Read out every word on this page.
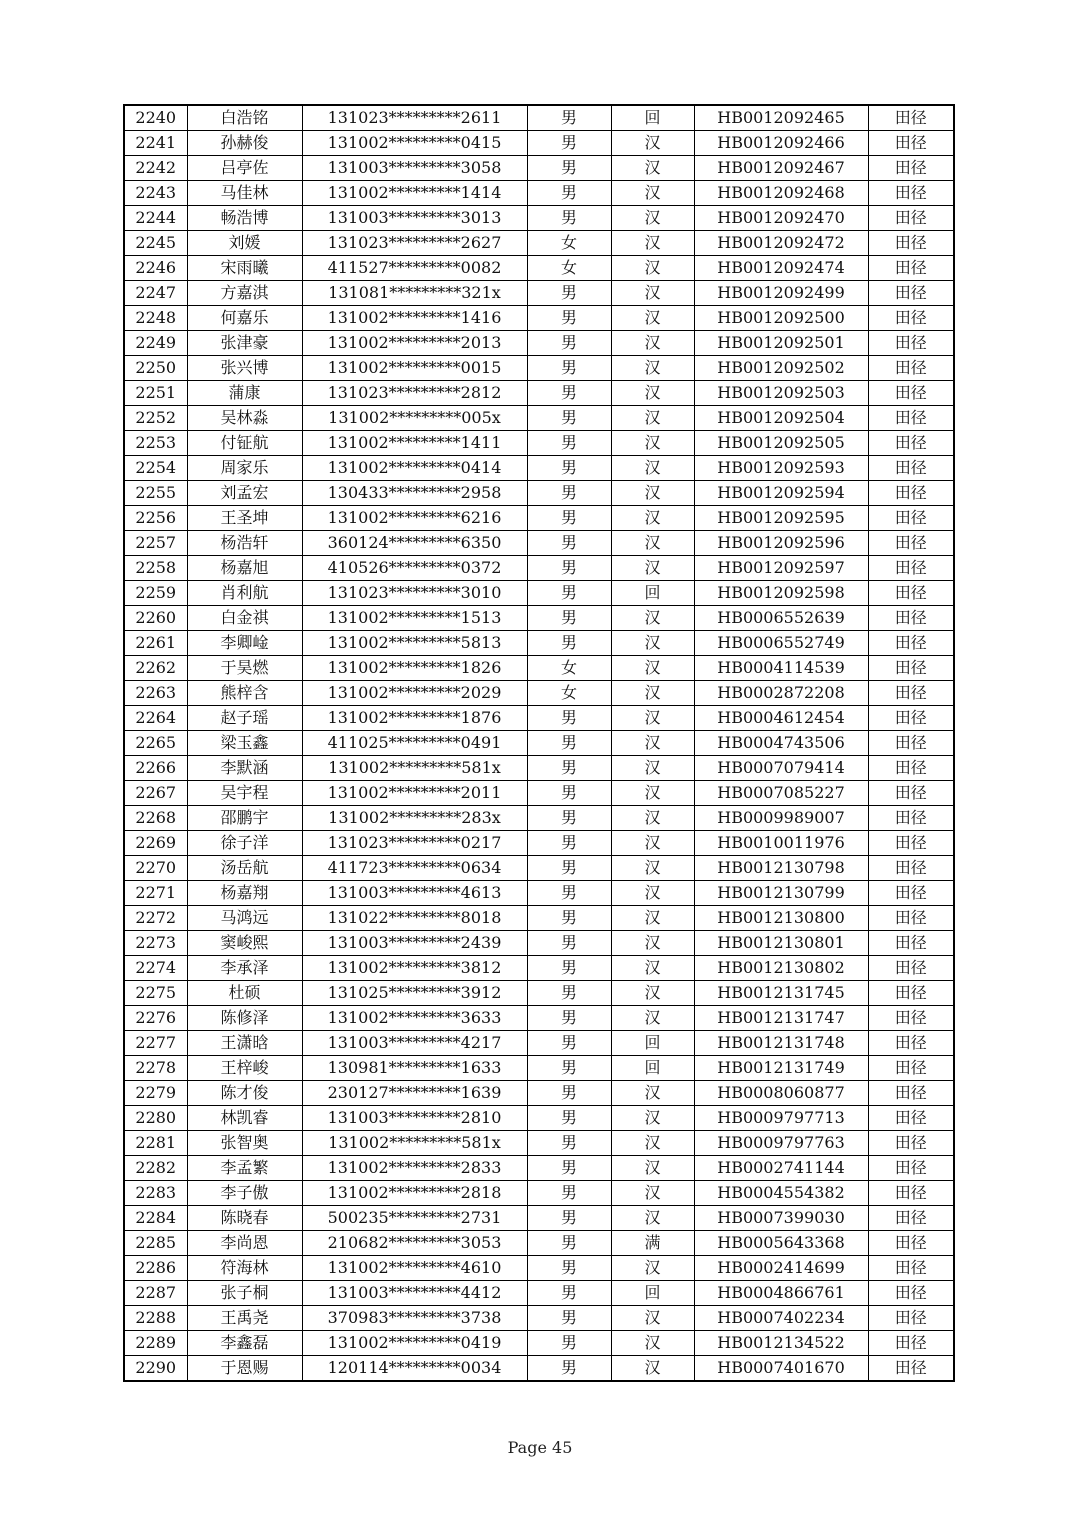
2240	白浩铭	131023*********2611	男	回	HB0012092465	田径
2241	孙赫俊	131002*********0415	男	汉	HB0012092466	田径
2242	吕亭佐	131003*********3058	男	汉	HB0012092467	田径
2243	马佳林	131002*********1414	男	汉	HB0012092468	田径
2244	畅浩博	131003*********3013	男	汉	HB0012092470	田径
2245	刘媛	131023*********2627	女	汉	HB0012092472	田径
2246	宋雨曦	411527*********0082	女	汉	HB0012092474	田径
2247	方嘉淇	131081*********321x	男	汉	HB0012092499	田径
2248	何嘉乐	131002*********1416	男	汉	HB0012092500	田径
2249	张津豪	131002*********2013	男	汉	HB0012092501	田径
2250	张兴博	131002*********0015	男	汉	HB0012092502	田径
2251	蒲康	131023*********2812	男	汉	HB0012092503	田径
2252	吴林淼	131002*********005x	男	汉	HB0012092504	田径
2253	付钲航	131002*********1411	男	汉	HB0012092505	田径
2254	周家乐	131002*********0414	男	汉	HB0012092593	田径
2255	刘孟宏	130433*********2958	男	汉	HB0012092594	田径
2256	王圣坤	131002*********6216	男	汉	HB0012092595	田径
2257	杨浩轩	360124*********6350	男	汉	HB0012092596	田径
2258	杨嘉旭	410526*********0372	男	汉	HB0012092597	田径
2259	肖利航	131023*********3010	男	回	HB0012092598	田径
2260	白金祺	131002*********1513	男	汉	HB0006552639	田径
2261	李卿崯	131002*********5813	男	汉	HB0006552749	田径
2262	于昊燃	131002*********1826	女	汉	HB0004114539	田径
2263	熊梓含	131002*********2029	女	汉	HB0002872208	田径
2264	赵子瑶	131002*********1876	男	汉	HB0004612454	田径
2265	梁玉鑫	411025*********0491	男	汉	HB0004743506	田径
2266	李默涵	131002*********581x	男	汉	HB0007079414	田径
2267	吴宇程	131002*********2011	男	汉	HB0007085227	田径
2268	邵鹏宇	131002*********283x	男	汉	HB0009989007	田径
2269	徐子洋	131023*********0217	男	汉	HB0010011976	田径
2270	汤岳航	411723*********0634	男	汉	HB0012130798	田径
2271	杨嘉翔	131003*********4613	男	汉	HB0012130799	田径
2272	马鸿远	131022*********8018	男	汉	HB0012130800	田径
2273	窦峻熙	131003*********2439	男	汉	HB0012130801	田径
2274	李承泽	131002*********3812	男	汉	HB0012130802	田径
2275	杜硕	131025*********3912	男	汉	HB0012131745	田径
2276	陈修泽	131002*********3633	男	汉	HB0012131747	田径
2277	王潇晗	131003*********4217	男	回	HB0012131748	田径
2278	王梓峻	130981*********1633	男	回	HB0012131749	田径
2279	陈才俊	230127*********1639	男	汉	HB0008060877	田径
2280	林凯睿	131003*********2810	男	汉	HB0009797713	田径
2281	张智奥	131002*********581x	男	汉	HB0009797763	田径
2282	李孟繁	131002*********2833	男	汉	HB0002741144	田径
2283	李子傲	131002*********2818	男	汉	HB0004554382	田径
2284	陈晓春	500235*********2731	男	汉	HB0007399030	田径
2285	李尚恩	210682*********3053	男	满	HB0005643368	田径
2286	符海林	131002*********4610	男	汉	HB0002414699	田径
2287	张子桐	131003*********4412	男	回	HB0004866761	田径
2288	王禹尧	370983*********3738	男	汉	HB0007402234	田径
2289	李鑫磊	131002*********0419	男	汉	HB0012134522	田径
2290	于恩赐	120114*********0034	男	汉	HB0007401670	田径
Page 45
